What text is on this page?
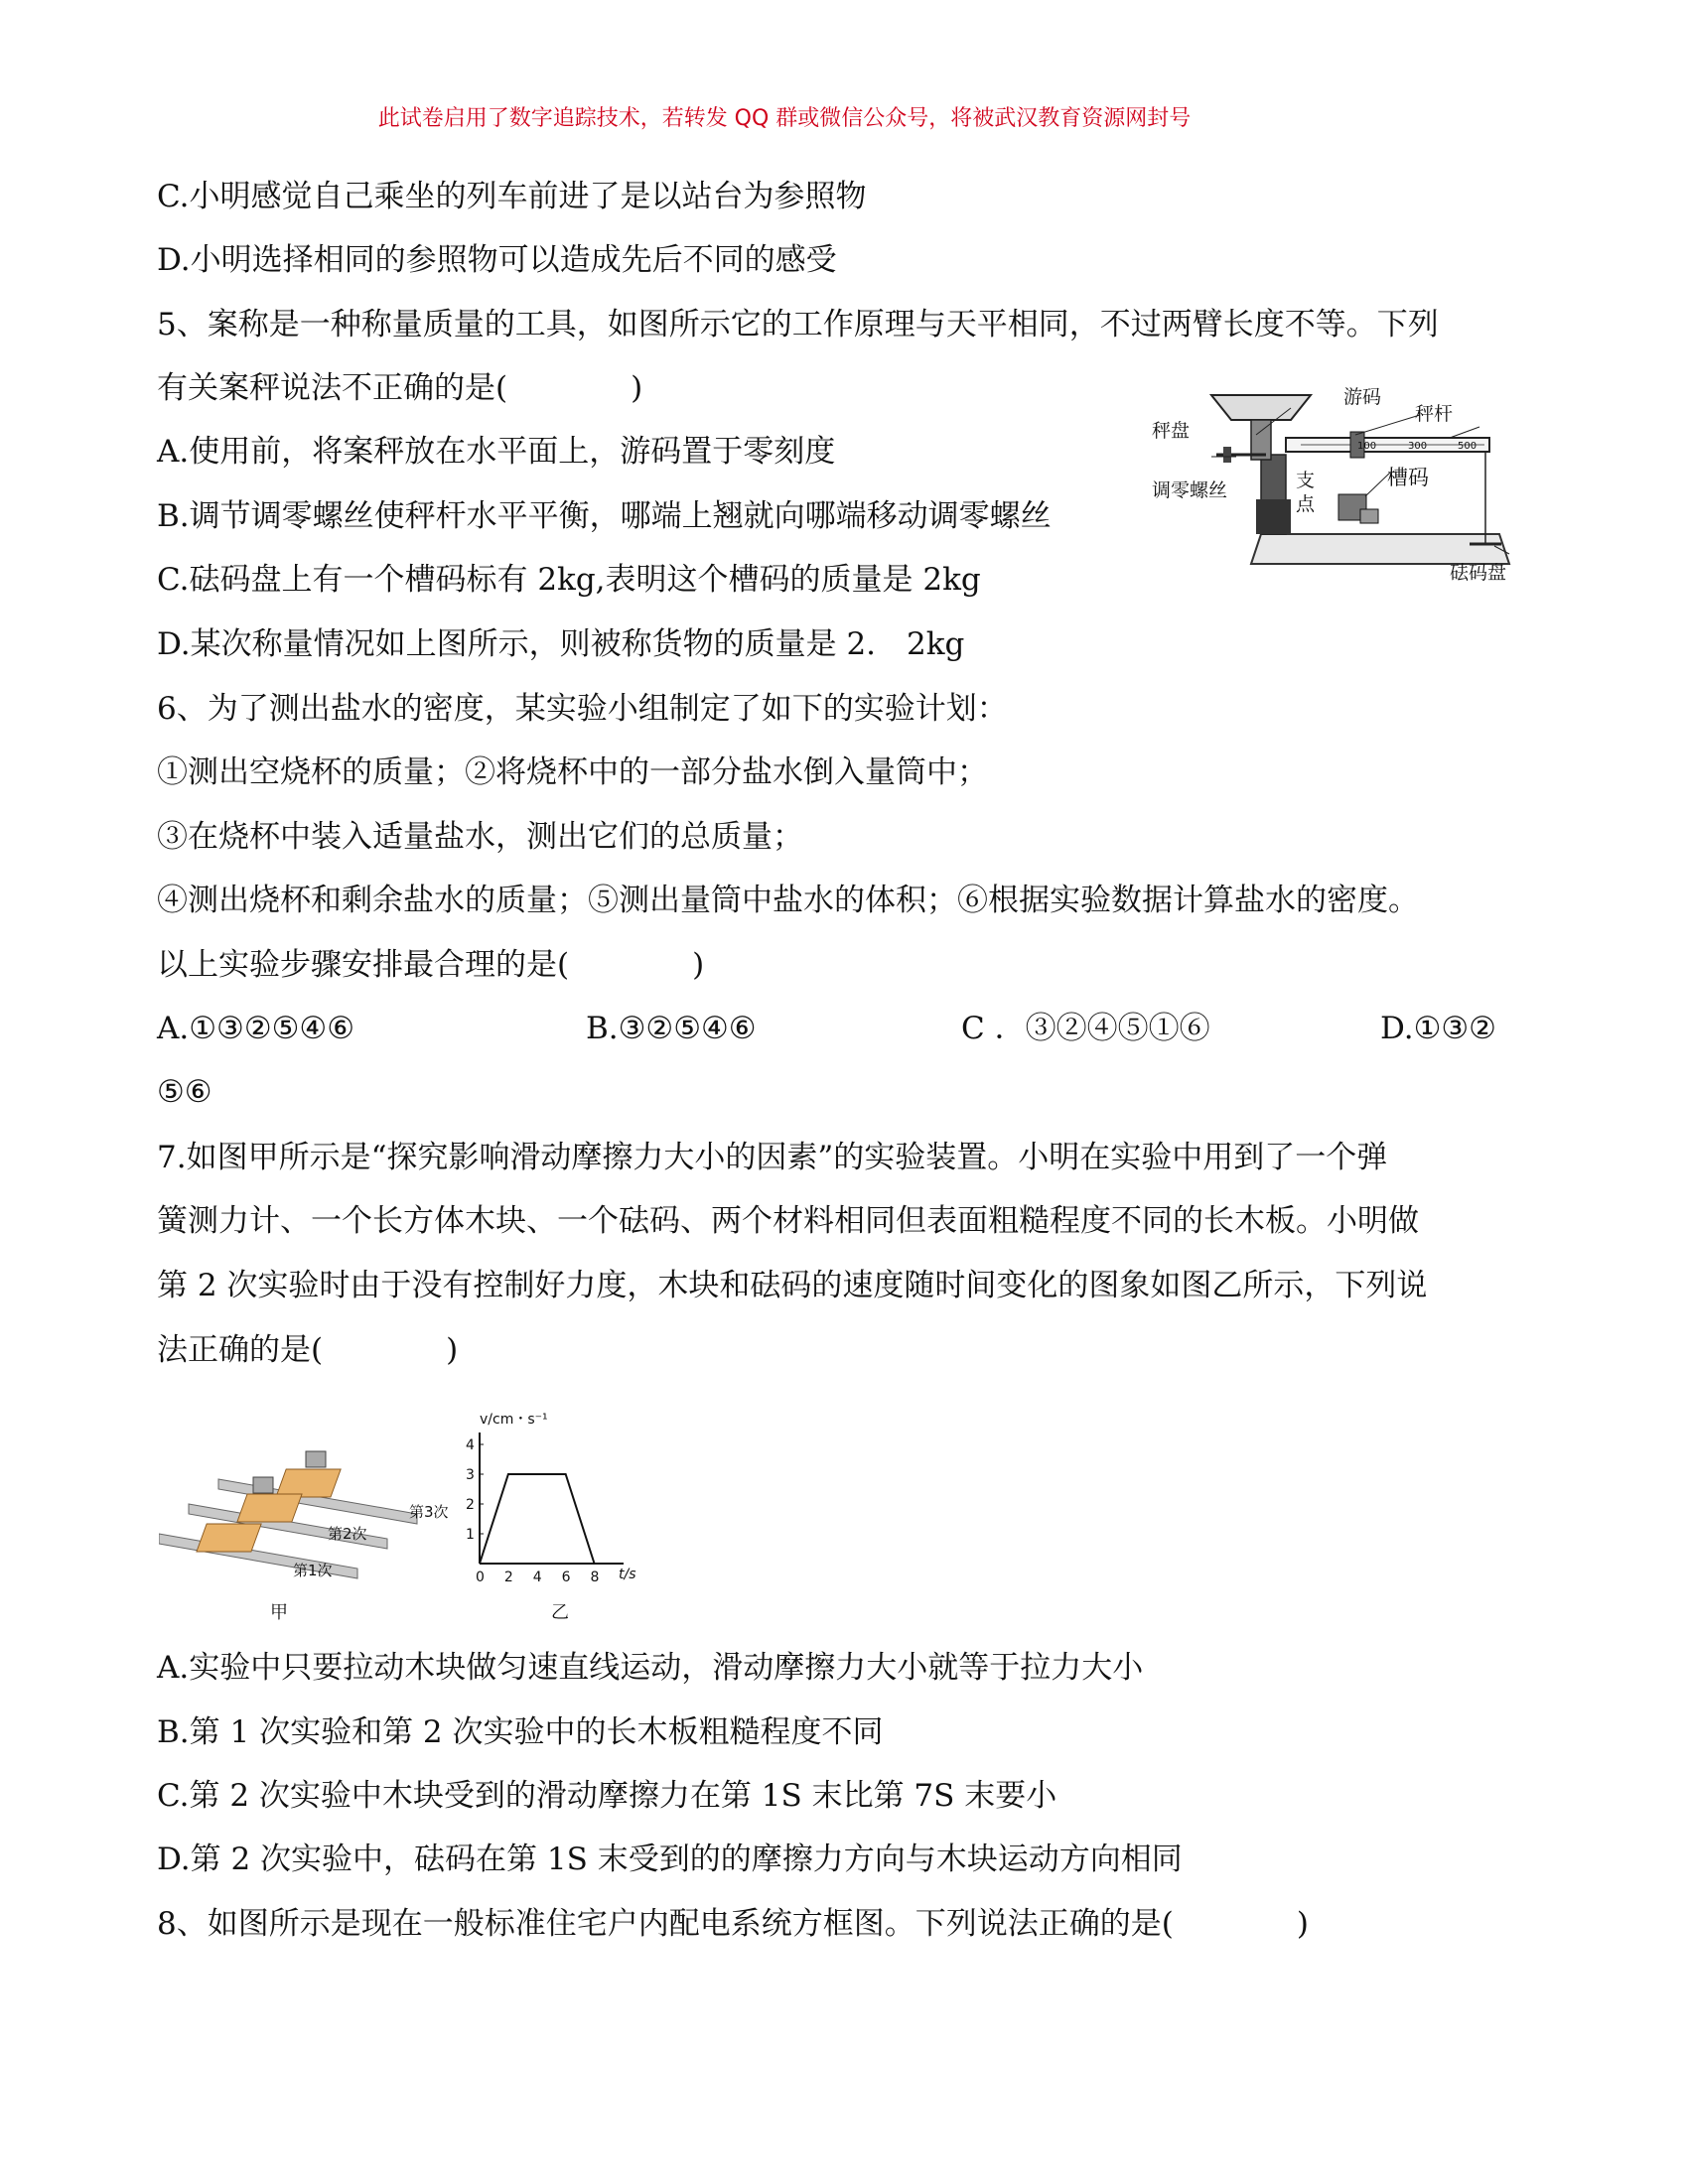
此试卷启用了数字追踪技术，若转发 QQ 群或微信公众号，将被武汉教育资源网封号
C.小明感觉自己乘坐的列车前进了是以站台为参照物
D.小明选择相同的参照物可以造成先后不同的感受
5、案称是一种称量质量的工具，如图所示它的工作原理与天平相同，不过两臂长度不等。下列
有关案秤说法不正确的是(　　　　)
A.使用前，将案秤放在水平面上，游码置于零刻度
B.调节调零螺丝使秤杆水平平衡，哪端上翘就向哪端移动调零螺丝
C.砝码盘上有一个槽码标有 2kg,表明这个槽码的质量是 2kg
D.某次称量情况如上图所示，则被称货物的质量是 2.　2kg
6、为了测出盐水的密度，某实验小组制定了如下的实验计划：
①测出空烧杯的质量；②将烧杯中的一部分盐水倒入量筒中；
③在烧杯中装入适量盐水，测出它们的总质量；
④测出烧杯和剩余盐水的质量；⑤测出量筒中盐水的体积；⑥根据实验数据计算盐水的密度。
以上实验步骤安排最合理的是(　　　　)
A.①③②⑤④⑥	B.③②⑤④⑥	C ．③②④⑤①⑥	D.①③②
⑤⑥
7.如图甲所示是“探究影响滑动摩擦力大小的因素”的实验装置。小明在实验中用到了一个弹
簧测力计、一个长方体木块、一个砝码、两个材料相同但表面粗糙程度不同的长木板。小明做
第 2 次实验时由于没有控制好力度，木块和砝码的速度随时间变化的图象如图乙所示，下列说
法正确的是(　　　　)
A.实验中只要拉动木块做匀速直线运动，滑动摩擦力大小就等于拉力大小
B.第 1 次实验和第 2 次实验中的长木板粗糙程度不同
C.第 2 次实验中木块受到的滑动摩擦力在第 1S 末比第 7S 末要小
D.第 2 次实验中，砝码在第 1S 末受到的的摩擦力方向与木块运动方向相同
8、如图所示是现在一般标准住宅户内配电系统方框图。下列说法正确的是(　　　　)
秤盘
游码
秤杆
调零螺丝	支
点
槽码
砝码盘
100	300	500
第3次
第2次
第1次
甲
v/cm・s⁻¹
t/s
乙
0 2 4 6 8
1
2
3
4
